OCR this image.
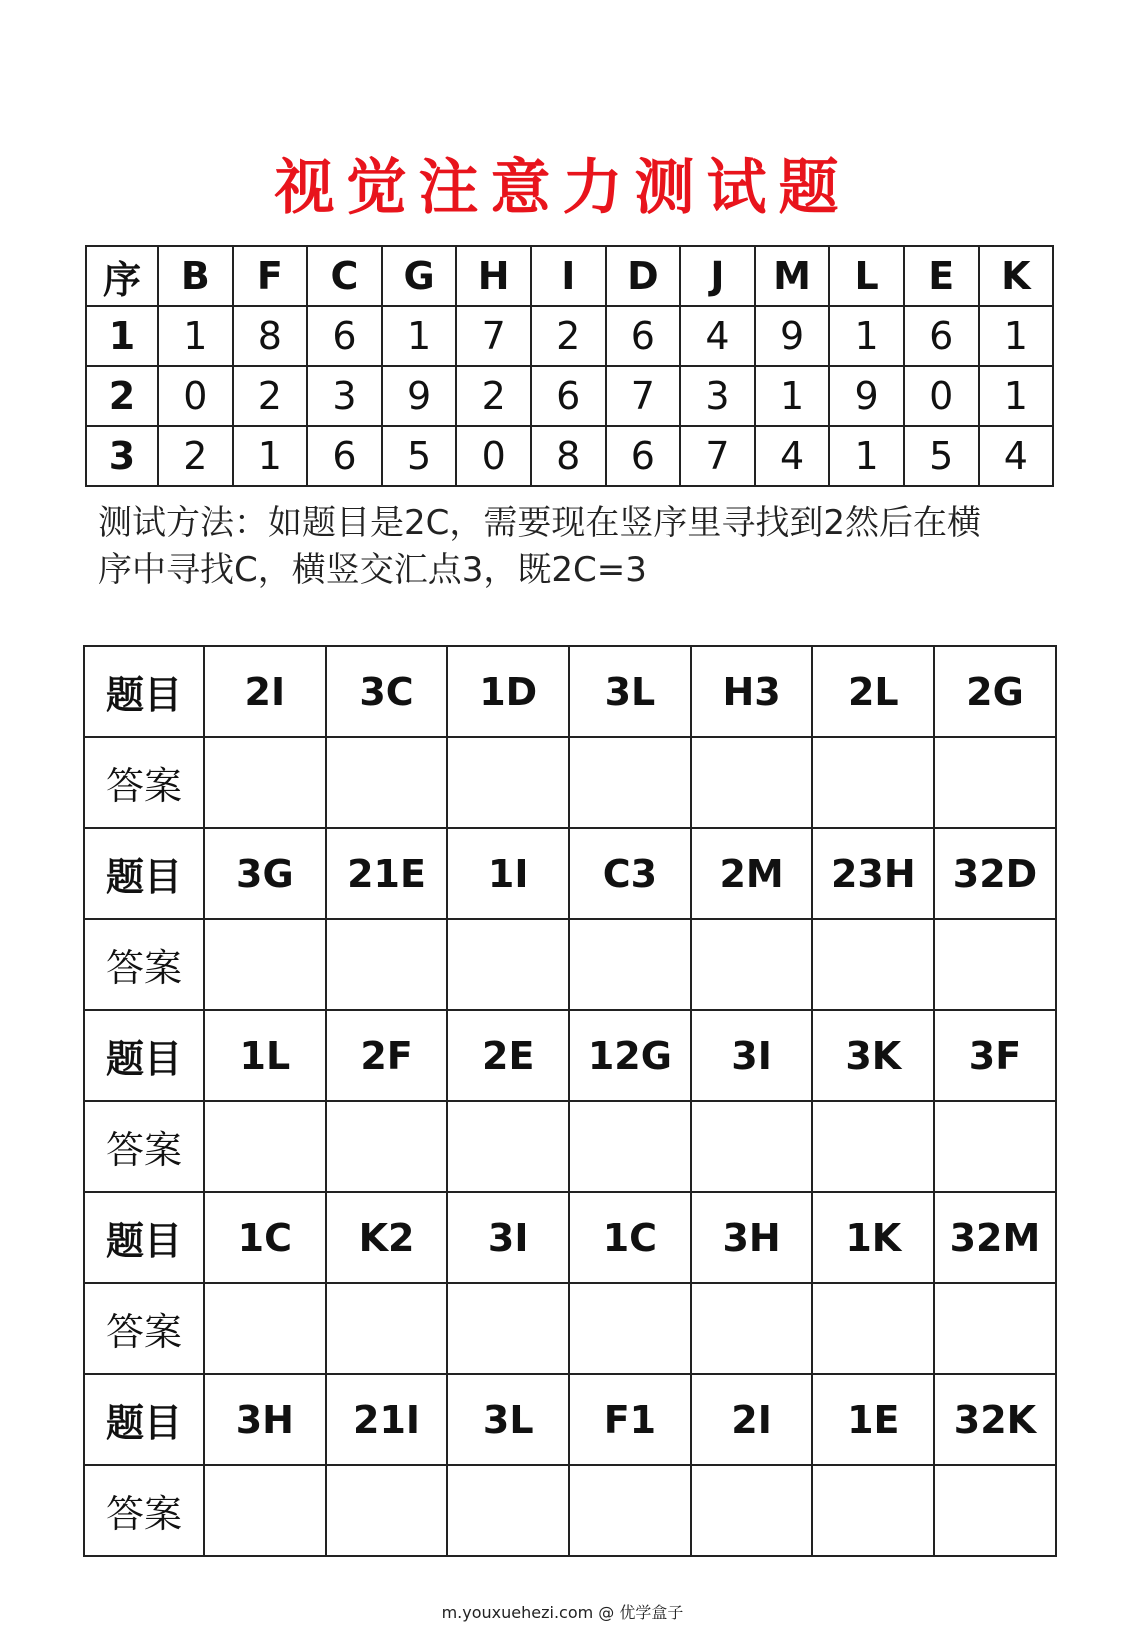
视觉注意力测试题
序	B	F	C	G	H	I	D	J	M	L	E	K
1	1	8	6	1	7	2	6	4	9	1	6	1
2	0	2	3	9	2	6	7	3	1	9	0	1
3	2	1	6	5	0	8	6	7	4	1	5	4
测试方法：如题目是2C，需要现在竖序里寻找到2然后在横
序中寻找C，横竖交汇点3，既2C=3
题目	2I	3C	1D	3L	H3	2L	2G
答案							
题目	3G	21E	1I	C3	2M	23H	32D
答案							
题目	1L	2F	2E	12G	3I	3K	3F
答案							
题目	1C	K2	3I	1C	3H	1K	32M
答案							
题目	3H	21I	3L	F1	2I	1E	32K
答案							
m.youxuehezi.com @ 优学盒子
